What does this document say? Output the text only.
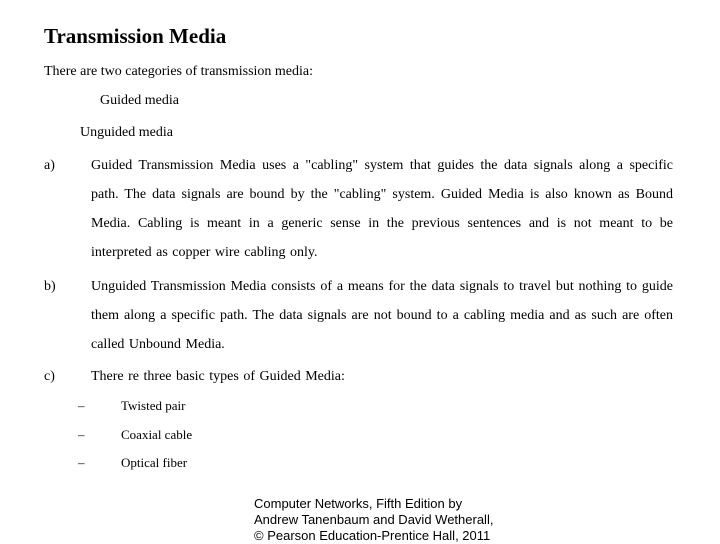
Transmission Media
There are two categories of transmission media:
Guided media
Unguided media
a)	Guided Transmission Media uses a "cabling" system that guides the data signals along a specific path. The data signals are bound by the "cabling" system. Guided Media is also known as Bound Media. Cabling is meant in a generic sense in the previous sentences and is not meant to be interpreted as copper wire cabling only.
b)	Unguided Transmission Media consists of a means for the data signals to travel but nothing to guide them along a specific path. The data signals are not bound to a cabling media and as such are often called Unbound Media.
c)	There re three basic types of Guided Media:
–	Twisted pair
–	Coaxial cable
–	Optical fiber
Computer Networks, Fifth Edition by Andrew Tanenbaum and David Wetherall, © Pearson Education-Prentice Hall, 2011
